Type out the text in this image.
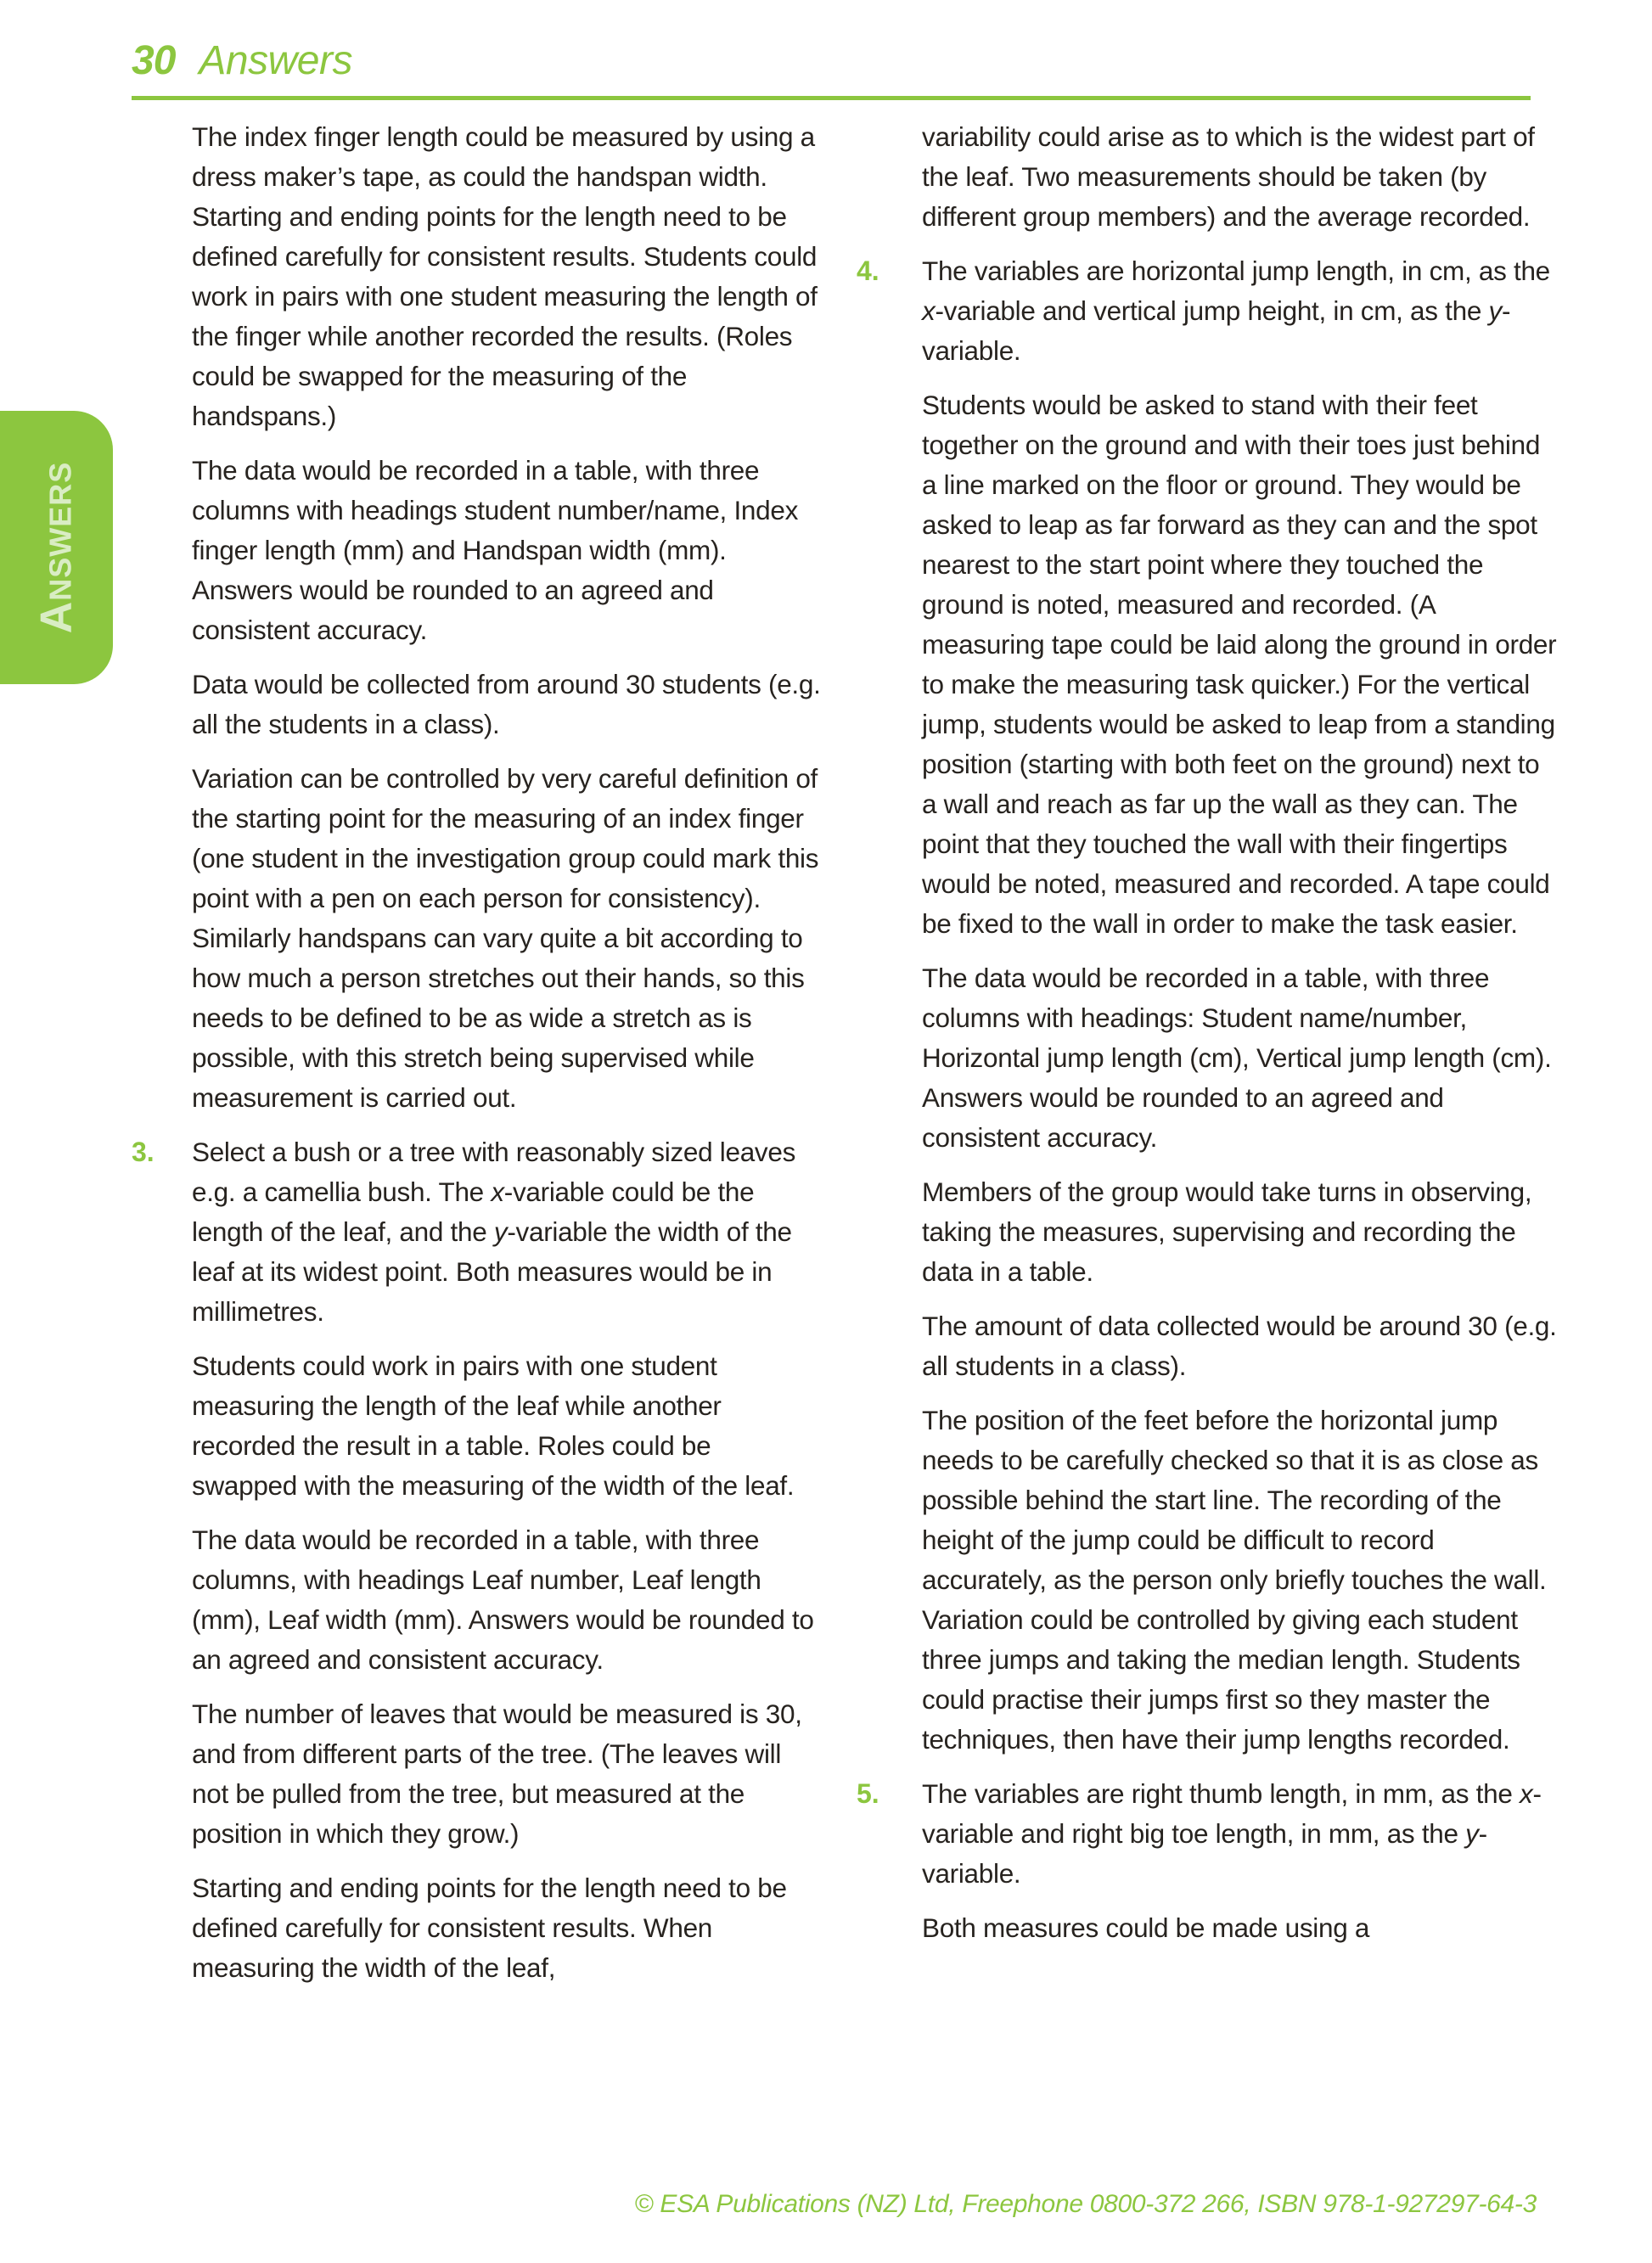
30 Answers
Answers

The index finger length could be measured by using a dress maker’s tape, as could the handspan width. Starting and ending points for the length need to be defined carefully for consistent results. Students could work in pairs with one student measuring the length of the finger while another recorded the results. (Roles could be swapped for the measuring of the handspans.)

The data would be recorded in a table, with three columns with headings student number/name, Index finger length (mm) and Handspan width (mm). Answers would be rounded to an agreed and consistent accuracy.

Data would be collected from around 30 students (e.g. all the students in a class).

Variation can be controlled by very careful definition of the starting point for the measuring of an index finger (one student in the investigation group could mark this point with a pen on each person for consistency). Similarly handspans can vary quite a bit according to how much a person stretches out their hands, so this needs to be defined to be as wide a stretch as is possible, with this stretch being supervised while measurement is carried out.

3.	Select a bush or a tree with reasonably sized leaves e.g. a camellia bush. The x-variable could be the length of the leaf, and the y-variable the width of the leaf at its widest point. Both measures would be in millimetres.

Students could work in pairs with one student measuring the length of the leaf while another recorded the result in a table. Roles could be swapped with the measuring of the width of the leaf.

The data would be recorded in a table, with three columns, with headings Leaf number, Leaf length (mm), Leaf width (mm). Answers would be rounded to an agreed and consistent accuracy.

The number of leaves that would be measured is 30, and from different parts of the tree. (The leaves will not be pulled from the tree, but measured at the position in which they grow.)

Starting and ending points for the length need to be defined carefully for consistent results. When measuring the width of the leaf,

variability could arise as to which is the widest part of the leaf. Two measurements should be taken (by different group members) and the average recorded.

4.	The variables are horizontal jump length, in cm, as the x-variable and vertical jump height, in cm, as the y-variable.

Students would be asked to stand with their feet together on the ground and with their toes just behind a line marked on the floor or ground. They would be asked to leap as far forward as they can and the spot nearest to the start point where they touched the ground is noted, measured and recorded. (A measuring tape could be laid along the ground in order to make the measuring task quicker.) For the vertical jump, students would be asked to leap from a standing position (starting with both feet on the ground) next to a wall and reach as far up the wall as they can. The point that they touched the wall with their fingertips would be noted, measured and recorded. A tape could be fixed to the wall in order to make the task easier.

The data would be recorded in a table, with three columns with headings: Student name/number, Horizontal jump length (cm), Vertical jump length (cm). Answers would be rounded to an agreed and consistent accuracy.

Members of the group would take turns in observing, taking the measures, supervising and recording the data in a table.

The amount of data collected would be around 30 (e.g. all students in a class).

The position of the feet before the horizontal jump needs to be carefully checked so that it is as close as possible behind the start line. The recording of the height of the jump could be difficult to record accurately, as the person only briefly touches the wall. Variation could be controlled by giving each student three jumps and taking the median length. Students could practise their jumps first so they master the techniques, then have their jump lengths recorded.

5.	The variables are right thumb length, in mm, as the x-variable and right big toe length, in mm, as the y-variable.

Both measures could be made using a

© ESA Publications (NZ) Ltd, Freephone 0800-372 266, ISBN 978-1-927297-64-3
